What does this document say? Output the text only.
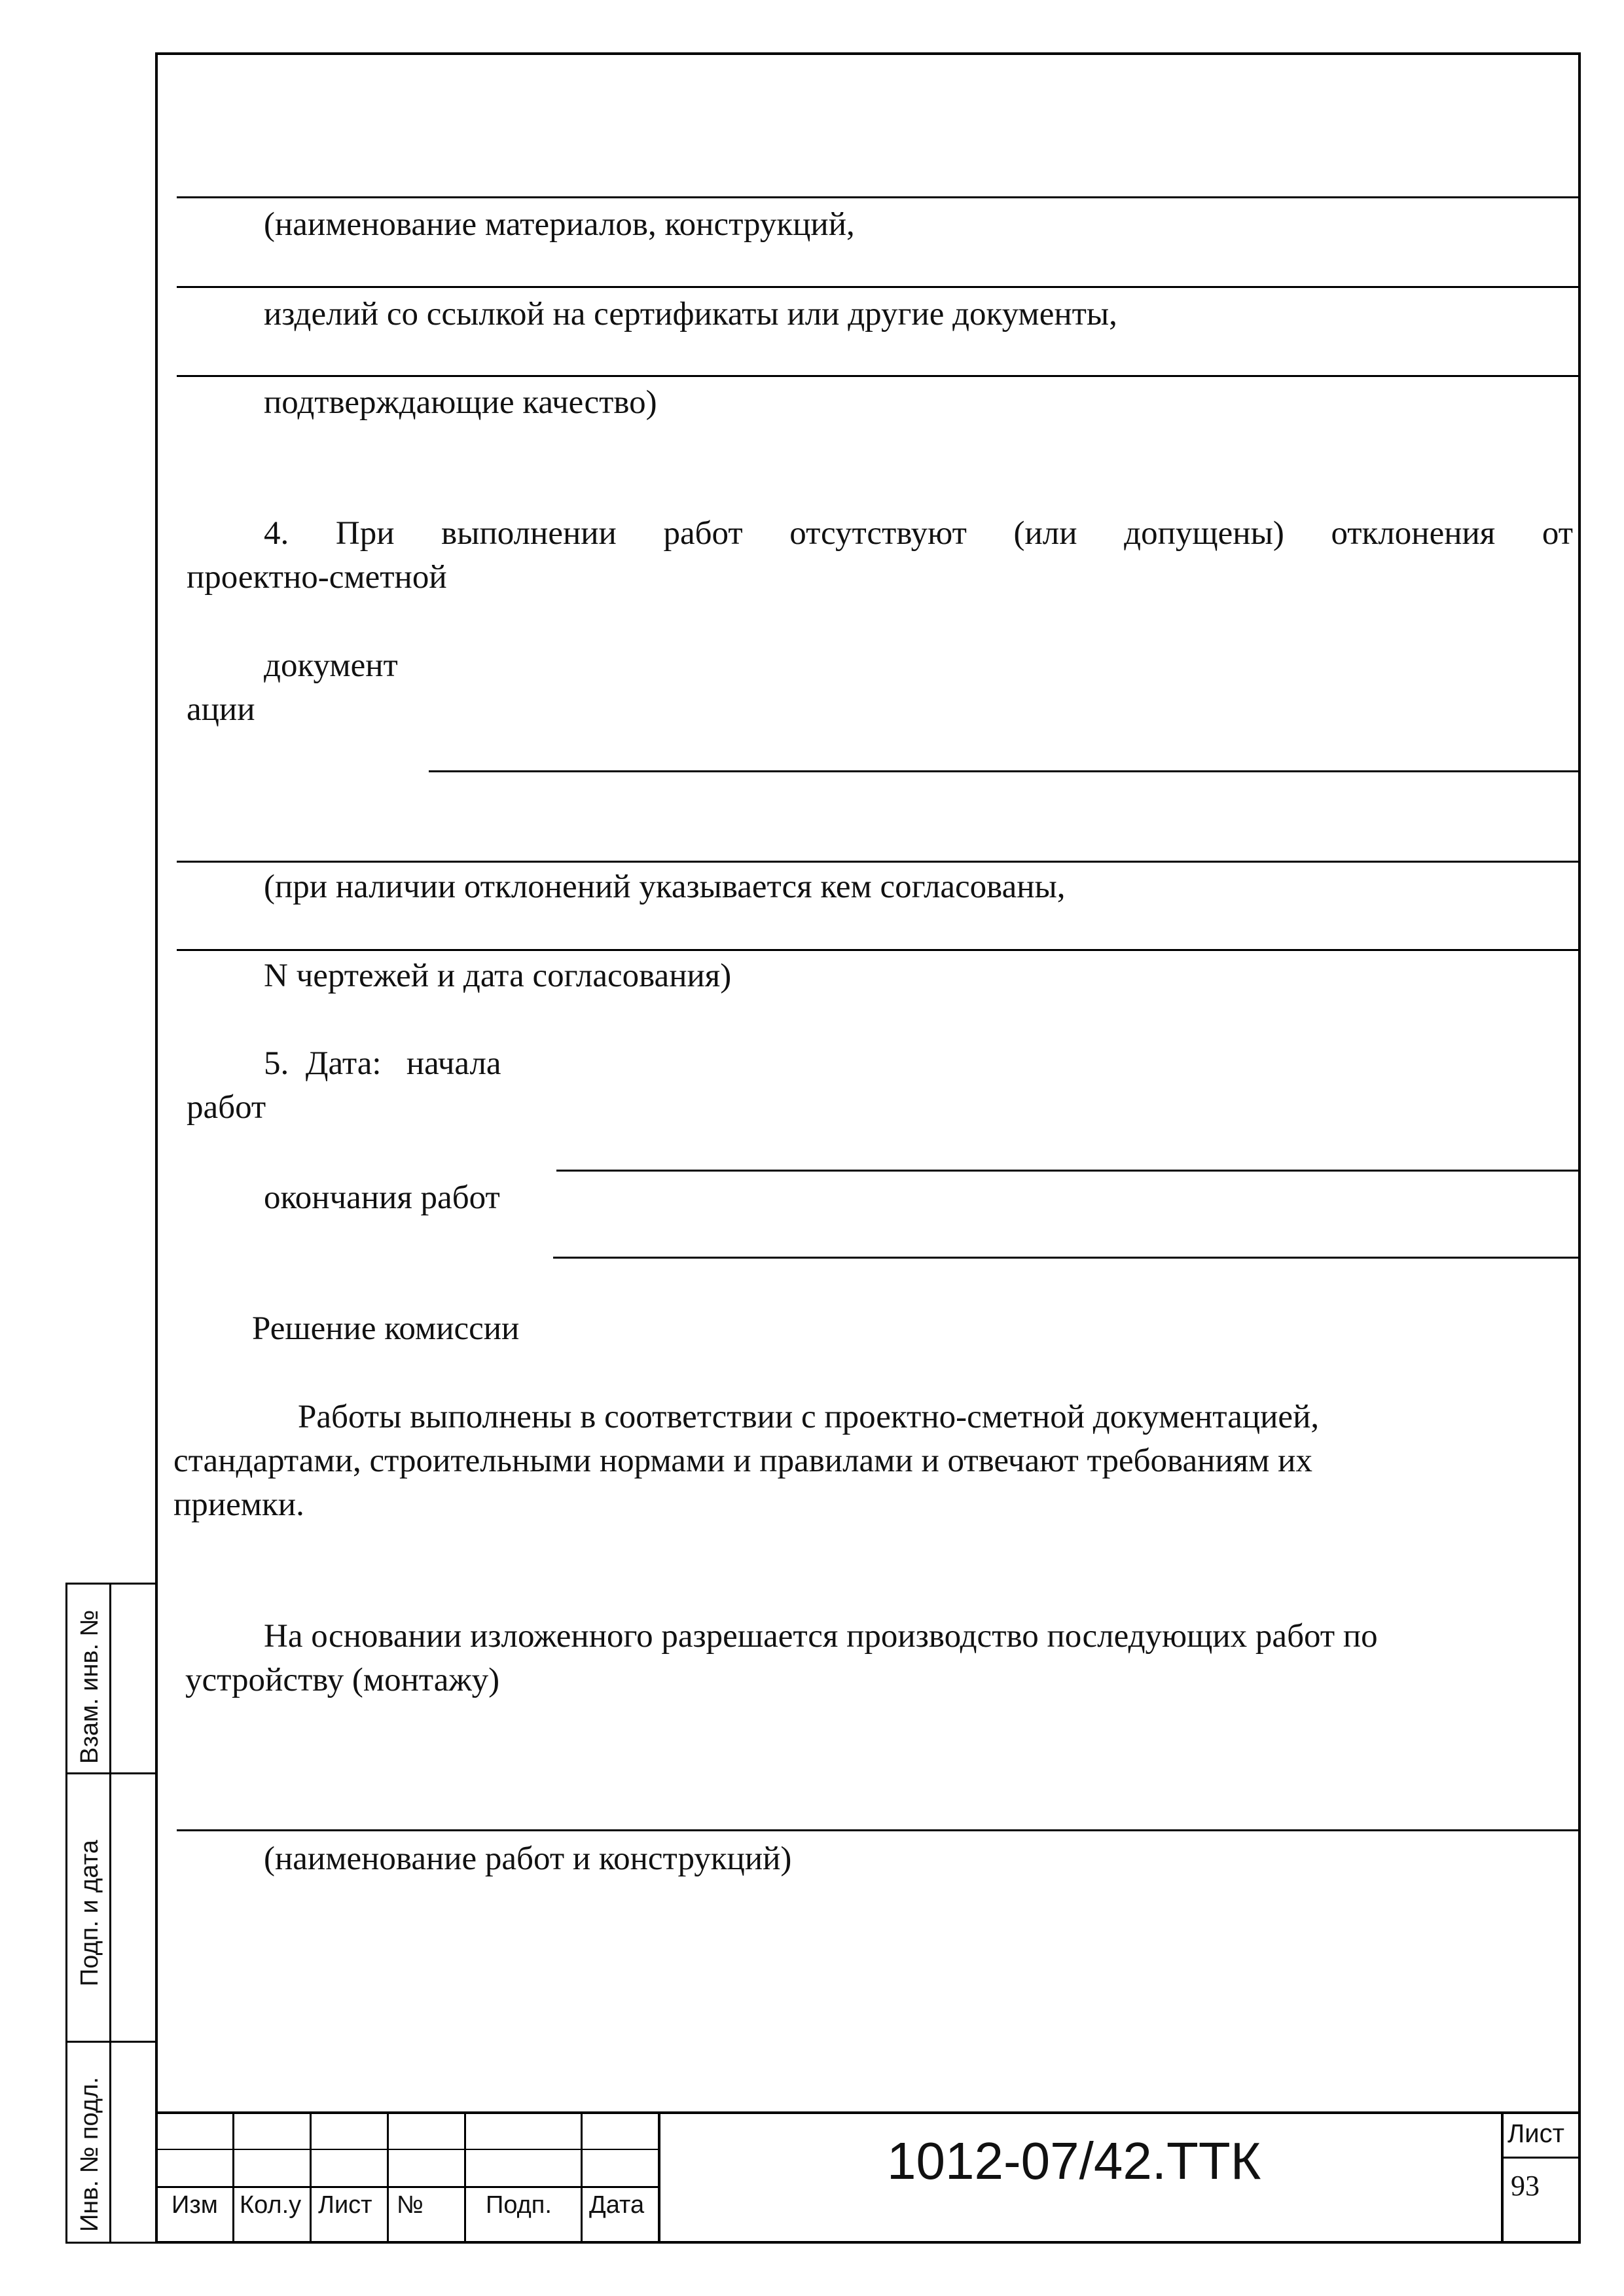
(наименование материалов, конструкций,
изделий со ссылкой на сертификаты или другие документы,
подтверждающие качество)
4. При выполнении работ отсутствуют (или допущены) отклонения от
проектно-сметной
документ
ации
(при наличии отклонений указывается кем согласованы,
N чертежей и дата согласования)
5.  Дата:   начала
работ
окончания работ
Решение комиссии
Работы выполнены в соответствии с проектно-сметной документацией,
стандартами, строительными нормами и правилами и отвечают требованиям их
приемки.
На основании изложенного разрешается производство последующих работ по
устройству (монтажу)
(наименование работ и конструкций)
Взам. инв. №
Подп. и дата
Инв. № подл.	Изм Кол.у Лист №	Подп. Дата
1012-07/42.ТТК	Лист
93
